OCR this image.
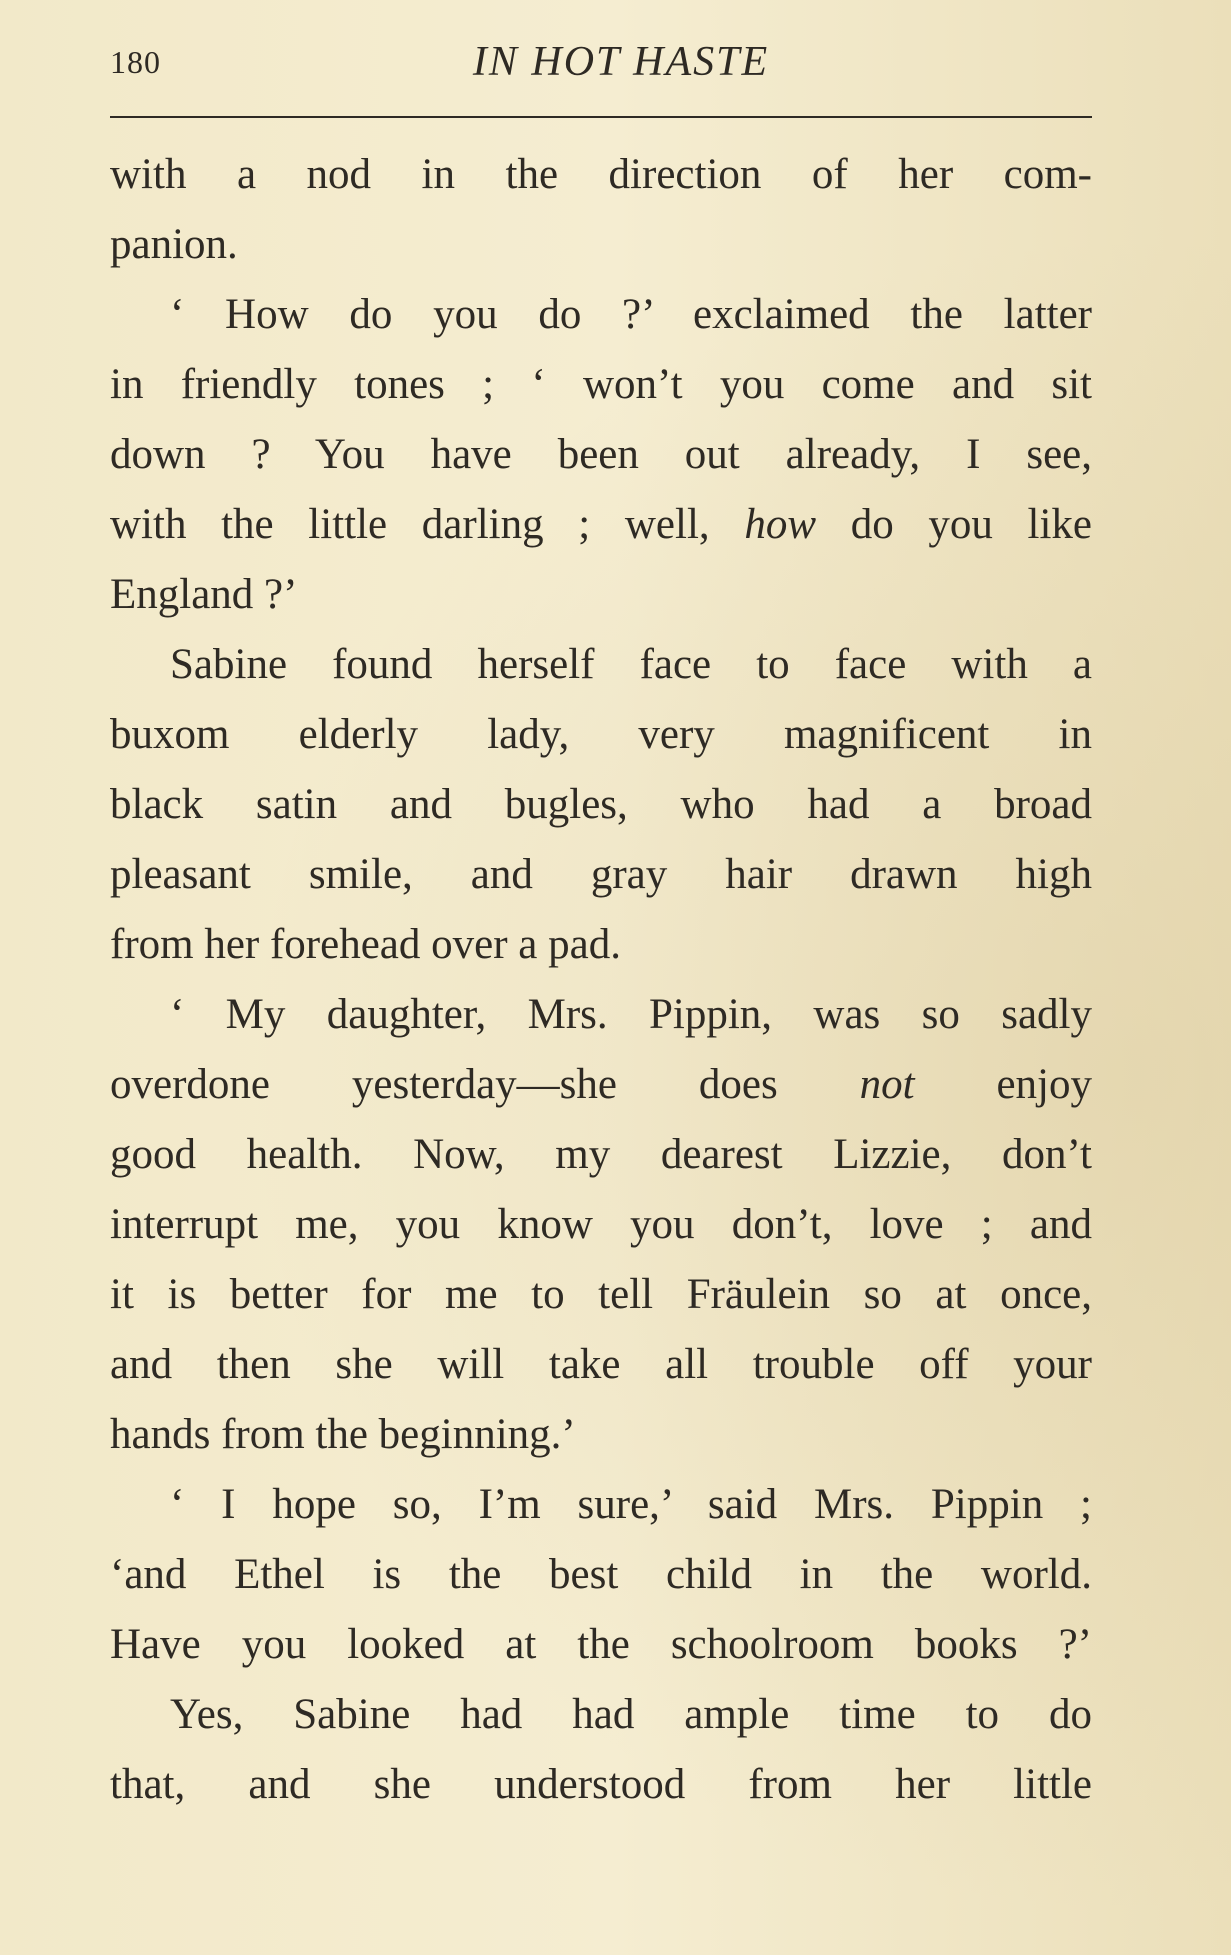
180	IN HOT HASTE
with a nod in the direction of her com-
panion.
‘ How do you do ?’ exclaimed the latter
in friendly tones ; ‘ won’t you come and sit
down ? You have been out already, I see,
with the little darling ; well, how do you like
England ?’
Sabine found herself face to face with a
buxom elderly lady, very magnificent in
black satin and bugles, who had a broad
pleasant smile, and gray hair drawn high
from her forehead over a pad.
‘ My daughter, Mrs. Pippin, was so sadly
overdone yesterday—she does not enjoy
good health. Now, my dearest Lizzie, don’t
interrupt me, you know you don’t, love ; and
it is better for me to tell Fräulein so at once,
and then she will take all trouble off your
hands from the beginning.’
‘ I hope so, I’m sure,’ said Mrs. Pippin ;
‘and Ethel is the best child in the world.
Have you looked at the schoolroom books ?’
Yes, Sabine had had ample time to do
that, and she understood from her little
